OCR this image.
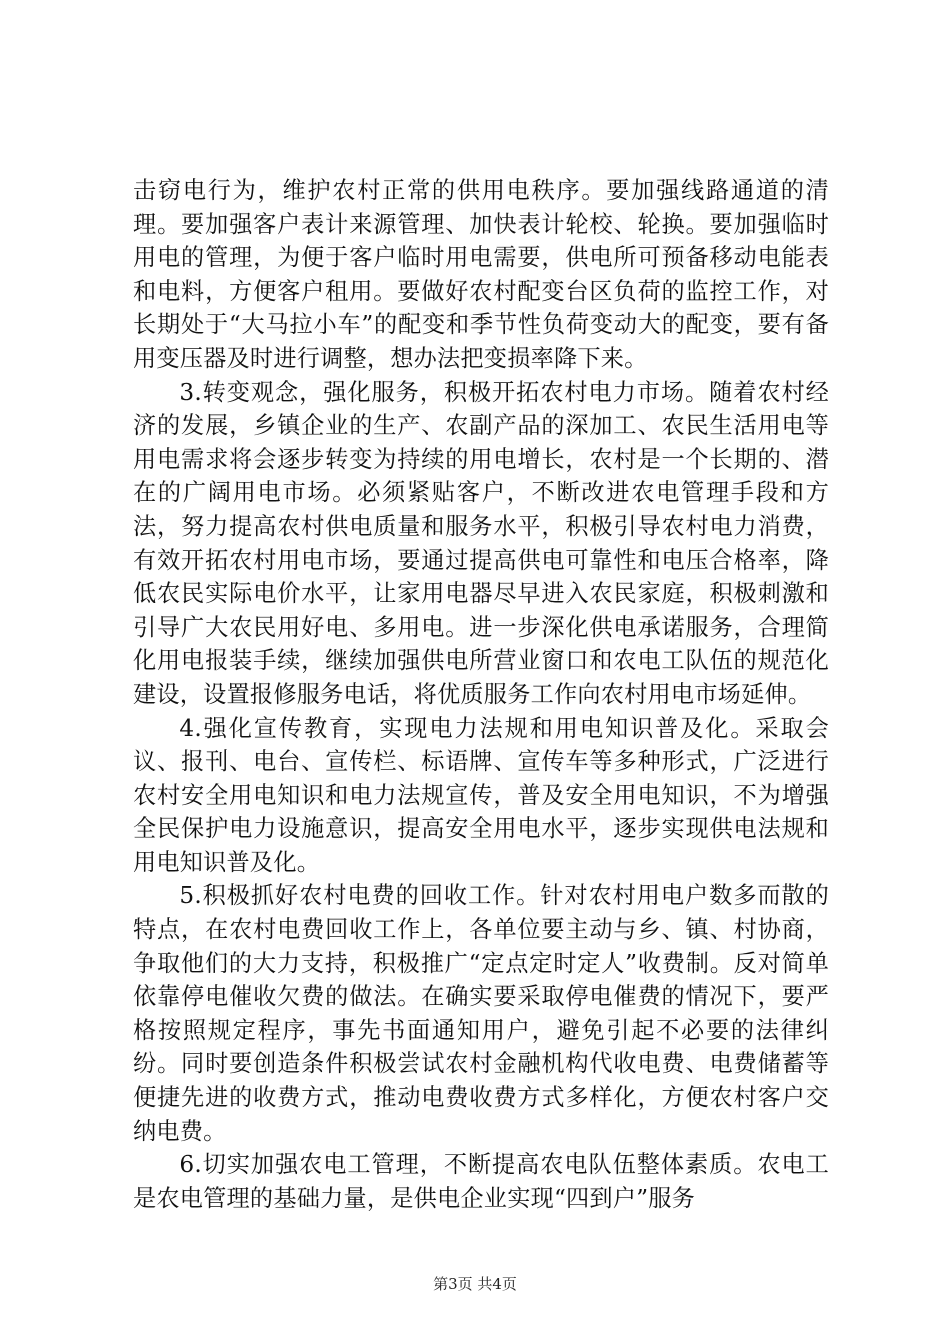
击窃电行为，维护农村正常的供用电秩序。要加强线路通道的清理。要加强客户表计来源管理、加快表计轮校、轮换。要加强临时用电的管理，为便于客户临时用电需要，供电所可预备移动电能表和电料，方便客户租用。要做好农村配变台区负荷的监控工作，对长期处于“大马拉小车”的配变和季节性负荷变动大的配变，要有备用变压器及时进行调整，想办法把变损率降下来。

3.转变观念，强化服务，积极开拓农村电力市场。随着农村经济的发展，乡镇企业的生产、农副产品的深加工、农民生活用电等用电需求将会逐步转变为持续的用电增长，农村是一个长期的、潜在的广阔用电市场。必须紧贴客户，不断改进农电管理手段和方法，努力提高农村供电质量和服务水平，积极引导农村电力消费，有效开拓农村用电市场，要通过提高供电可靠性和电压合格率，降低农民实际电价水平，让家用电器尽早进入农民家庭，积极刺激和引导广大农民用好电、多用电。进一步深化供电承诺服务，合理简化用电报装手续，继续加强供电所营业窗口和农电工队伍的规范化建设，设置报修服务电话，将优质服务工作向农村用电市场延伸。

4.强化宣传教育，实现电力法规和用电知识普及化。采取会议、报刊、电台、宣传栏、标语牌、宣传车等多种形式，广泛进行农村安全用电知识和电力法规宣传，普及安全用电知识，不为增强全民保护电力设施意识，提高安全用电水平，逐步实现供电法规和用电知识普及化。

5.积极抓好农村电费的回收工作。针对农村用电户数多而散的特点，在农村电费回收工作上，各单位要主动与乡、镇、村协商，争取他们的大力支持，积极推广“定点定时定人”收费制。反对简单依靠停电催收欠费的做法。在确实要采取停电催费的情况下，要严格按照规定程序，事先书面通知用户，避免引起不必要的法律纠纷。同时要创造条件积极尝试农村金融机构代收电费、电费储蓄等便捷先进的收费方式，推动电费收费方式多样化，方便农村客户交纳电费。

6.切实加强农电工管理，不断提高农电队伍整体素质。农电工是农电管理的基础力量，是供电企业实现“四到户”服务

第3页 共4页
